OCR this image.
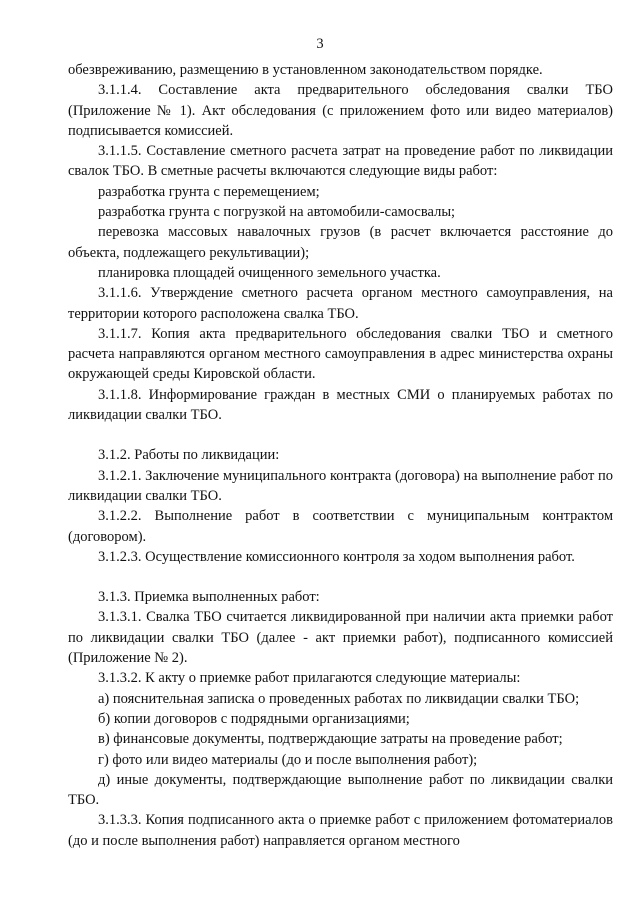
3

обезвреживанию, размещению в установленном законодательством порядке.

3.1.1.4. Составление акта предварительного обследования свалки ТБО (Приложение № 1). Акт обследования (с приложением фото или видео материалов) подписывается комиссией.

3.1.1.5. Составление сметного расчета затрат на проведение работ по ликвидации свалок ТБО. В сметные расчеты включаются следующие виды работ:

разработка грунта с перемещением;

разработка грунта с погрузкой на автомобили-самосвалы;

перевозка массовых навалочных грузов (в расчет включается расстояние до объекта, подлежащего рекультивации);

планировка площадей очищенного земельного участка.

3.1.1.6. Утверждение сметного расчета органом местного самоуправления, на территории которого расположена свалка ТБО.

3.1.1.7. Копия акта предварительного обследования свалки ТБО и сметного расчета направляются органом местного самоуправления в адрес министерства охраны окружающей среды Кировской области.

3.1.1.8. Информирование граждан в местных СМИ о планируемых работах по ликвидации свалки ТБО.

3.1.2. Работы по ликвидации:

3.1.2.1. Заключение муниципального контракта (договора) на выполнение работ по ликвидации свалки ТБО.

3.1.2.2. Выполнение работ в соответствии с муниципальным контрактом (договором).

3.1.2.3. Осуществление комиссионного контроля за ходом выполнения работ.

3.1.3. Приемка выполненных работ:

3.1.3.1. Свалка ТБО считается ликвидированной при наличии акта приемки работ по ликвидации свалки ТБО (далее - акт приемки работ), подписанного комиссией (Приложение № 2).

3.1.3.2. К акту о приемке работ прилагаются следующие материалы:

а) пояснительная записка о проведенных работах по ликвидации свалки ТБО;

б) копии договоров с подрядными организациями;

в) финансовые документы, подтверждающие затраты на проведение работ;

г) фото или видео материалы (до и после выполнения работ);

д) иные документы, подтверждающие выполнение работ по ликвидации свалки ТБО.

3.1.3.3. Копия подписанного акта о приемке работ с приложением фотоматериалов (до и после выполнения работ) направляется органом местного
